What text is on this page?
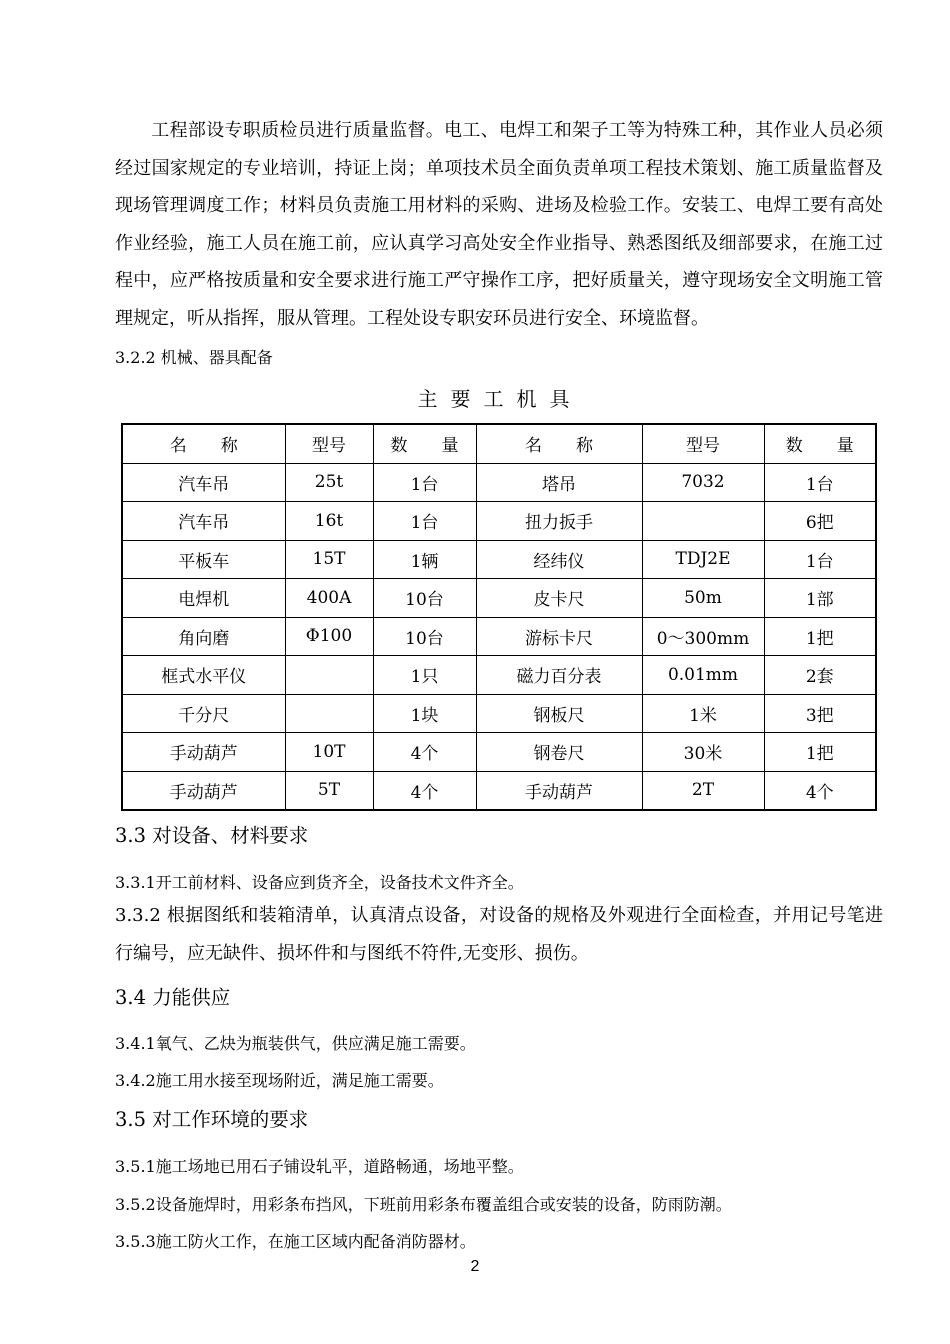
工程部设专职质检员进行质量监督。电工、电焊工和架子工等为特殊工种，其作业人员必须经过国家规定的专业培训，持证上岗；单项技术员全面负责单项工程技术策划、施工质量监督及现场管理调度工作；材料员负责施工用材料的采购、进场及检验工作。安装工、电焊工要有高处作业经验，施工人员在施工前，应认真学习高处安全作业指导、熟悉图纸及细部要求，在施工过程中，应严格按质量和安全要求进行施工严守操作工序，把好质量关，遵守现场安全文明施工管理规定，听从指挥，服从管理。工程处设专职安环员进行安全、环境监督。

3.2.2 机械、器具配备

主要工机具

名　　称	型号	数　　量	名　　称	型号	数　　量
汽车吊	25t	1台	塔吊	7032	1台
汽车吊	16t	1台	扭力扳手		6把
平板车	15T	1辆	经纬仪	TDJ2E	1台
电焊机	400A	10台	皮卡尺	50m	1部
角向磨	Φ100	10台	游标卡尺	0～300mm	1把
框式水平仪		1只	磁力百分表	0.01mm	2套
千分尺		1块	钢板尺	1米	3把
手动葫芦	10T	4个	钢卷尺	30米	1把
手动葫芦	5T	4个	手动葫芦	2T	4个

3.3 对设备、材料要求

3.3.1开工前材料、设备应到货齐全，设备技术文件齐全。

3.3.2 根据图纸和装箱清单，认真清点设备，对设备的规格及外观进行全面检查，并用记号笔进行编号，应无缺件、损坏件和与图纸不符件,无变形、损伤。

3.4 力能供应

3.4.1氧气、乙炔为瓶装供气，供应满足施工需要。

3.4.2施工用水接至现场附近，满足施工需要。

3.5 对工作环境的要求

3.5.1施工场地已用石子铺设轧平，道路畅通，场地平整。

3.5.2设备施焊时，用彩条布挡风，下班前用彩条布覆盖组合或安装的设备，防雨防潮。

3.5.3施工防火工作，在施工区域内配备消防器材。

2
